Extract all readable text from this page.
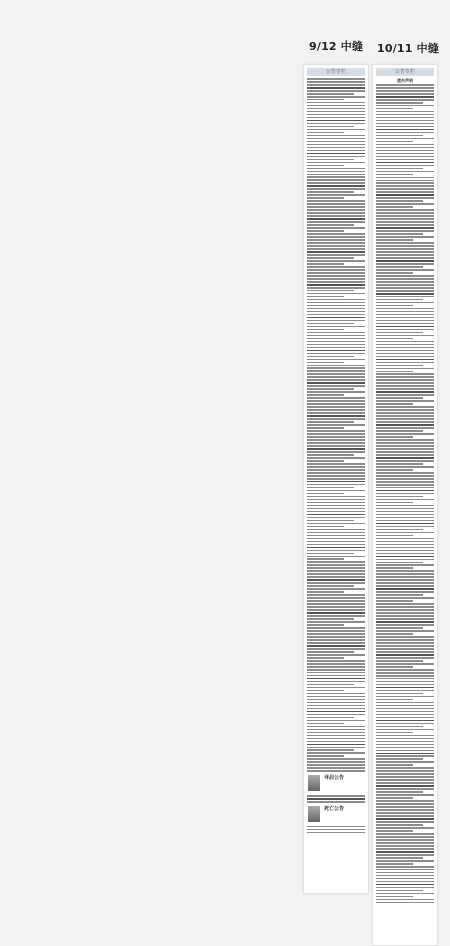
9/12 中缝 10/11 中缝
公告专栏
寻启公告
死亡公告
公告专栏
遗失声明
